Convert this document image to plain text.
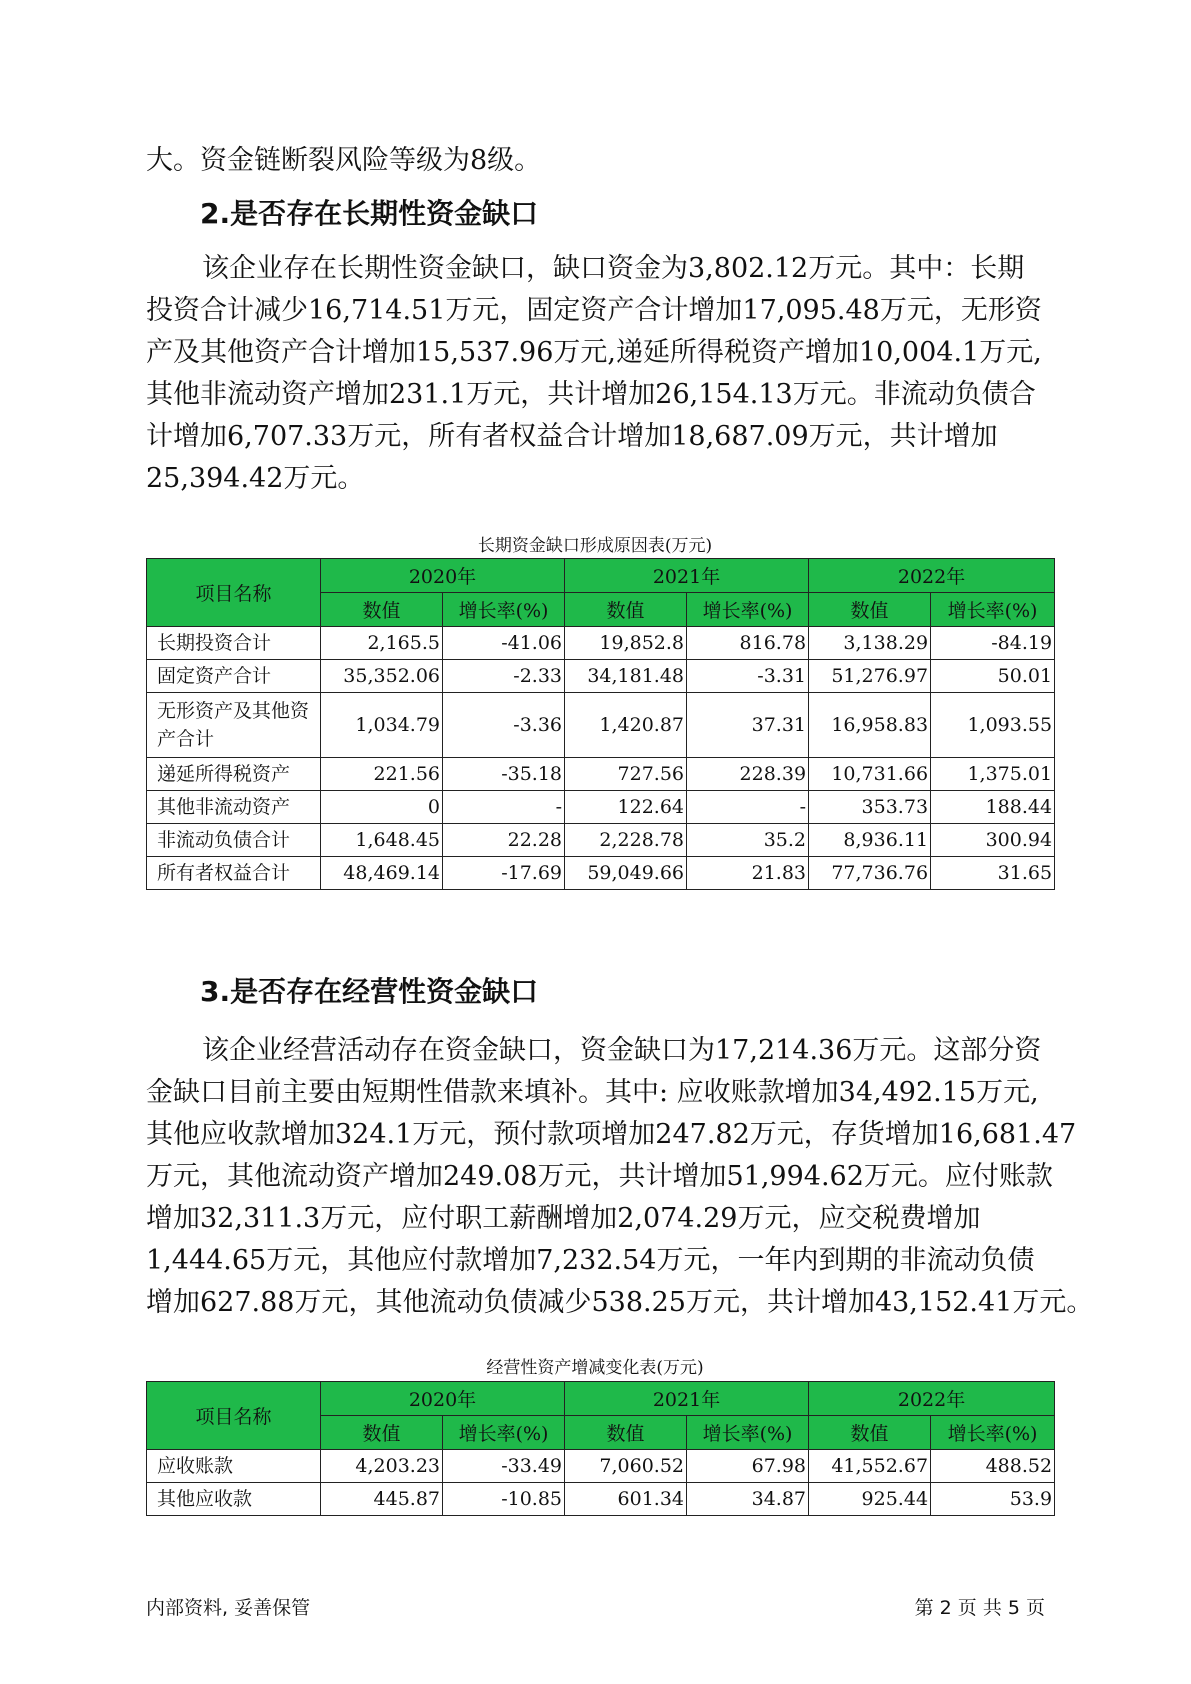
大。资金链断裂风险等级为8级。

2.是否存在长期性资金缺口

该企业存在长期性资金缺口，缺口资金为3,802.12万元。其中：长期
投资合计减少16,714.51万元，固定资产合计增加17,095.48万元，无形资
产及其他资产合计增加15,537.96万元,递延所得税资产增加10,004.1万元,
其他非流动资产增加231.1万元，共计增加26,154.13万元。非流动负债合
计增加6,707.33万元，所有者权益合计增加18,687.09万元，共计增加
25,394.42万元。

长期资金缺口形成原因表(万元)

项目名称	2020年		2021年		2022年	
	数值	增长率(%)	数值	增长率(%)	数值	增长率(%)
长期投资合计	2,165.5	-41.06	19,852.8	816.78	3,138.29	-84.19
固定资产合计	35,352.06	-2.33	34,181.48	-3.31	51,276.97	50.01
无形资产及其他资产合计	1,034.79	-3.36	1,420.87	37.31	16,958.83	1,093.55
递延所得税资产	221.56	-35.18	727.56	228.39	10,731.66	1,375.01
其他非流动资产	0	-	122.64	-	353.73	188.44
非流动负债合计	1,648.45	22.28	2,228.78	35.2	8,936.11	300.94
所有者权益合计	48,469.14	-17.69	59,049.66	21.83	77,736.76	31.65
3.是否存在经营性资金缺口

该企业经营活动存在资金缺口，资金缺口为17,214.36万元。这部分资
金缺口目前主要由短期性借款来填补。其中: 应收账款增加34,492.15万元,
其他应收款增加324.1万元，预付款项增加247.82万元，存货增加16,681.47
万元，其他流动资产增加249.08万元，共计增加51,994.62万元。应付账款
增加32,311.3万元，应付职工薪酬增加2,074.29万元，应交税费增加
1,444.65万元，其他应付款增加7,232.54万元，一年内到期的非流动负债
增加627.88万元，其他流动负债减少538.25万元，共计增加43,152.41万元。

经营性资产增减变化表(万元)

项目名称	2020年		2021年		2022年	
	数值	增长率(%)	数值	增长率(%)	数值	增长率(%)
应收账款	4,203.23	-33.49	7,060.52	67.98	41,552.67	488.52
其他应收款	445.87	-10.85	601.34	34.87	925.44	53.9

内部资料, 妥善保管	第 2 页 共 5 页
